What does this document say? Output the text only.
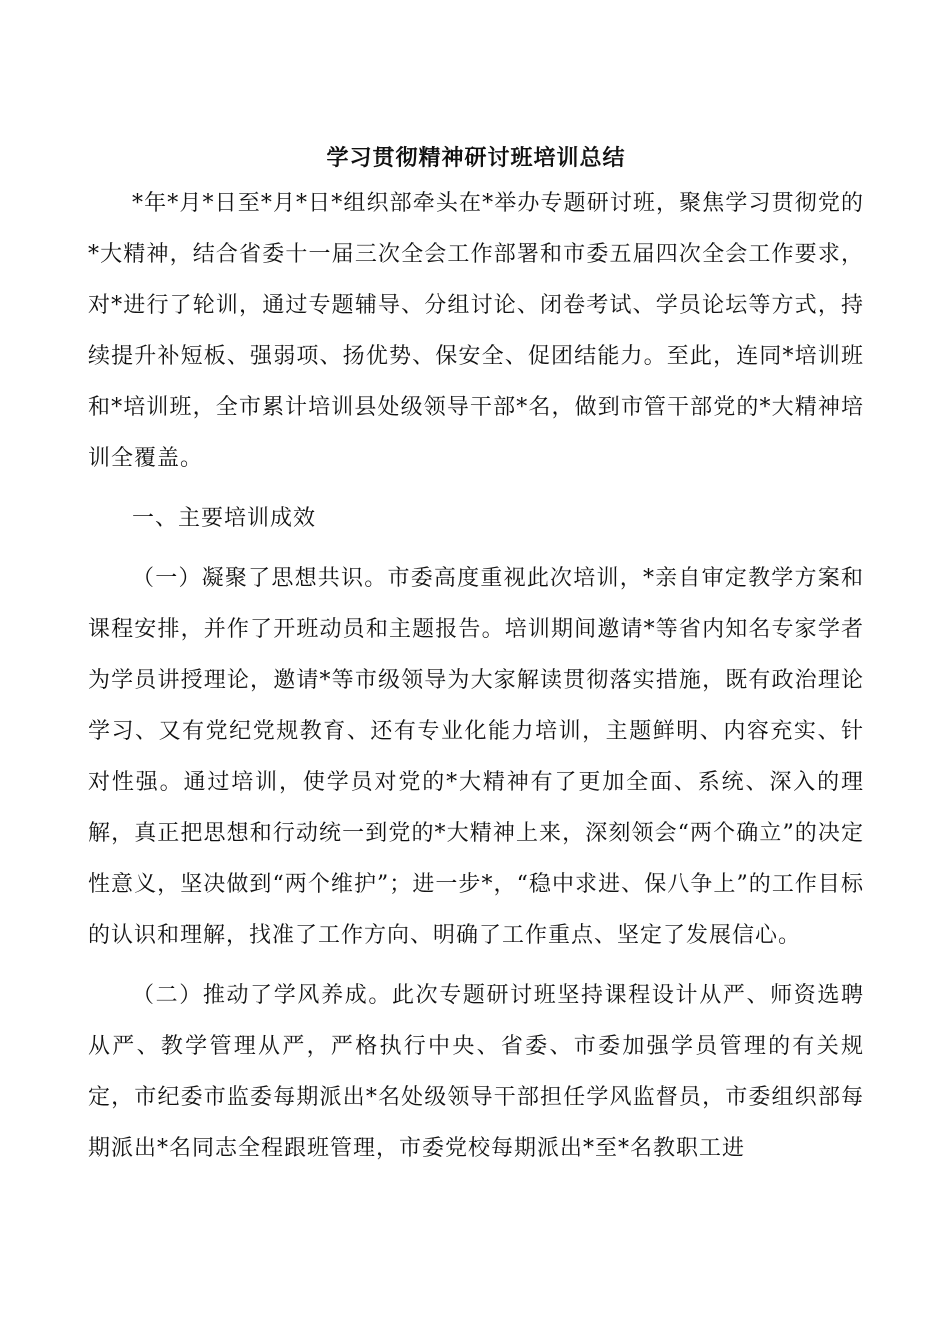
学习贯彻精神研讨班培训总结

*年*月*日至*月*日*组织部牵头在*举办专题研讨班，聚焦学习贯彻党的*大精神，结合省委十一届三次全会工作部署和市委五届四次全会工作要求，对*进行了轮训，通过专题辅导、分组讨论、闭卷考试、学员论坛等方式，持续提升补短板、强弱项、扬优势、保安全、促团结能力。至此，连同*培训班和*培训班，全市累计培训县处级领导干部*名，做到市管干部党的*大精神培训全覆盖。

一、主要培训成效

（一）凝聚了思想共识。市委高度重视此次培训，*亲自审定教学方案和课程安排，并作了开班动员和主题报告。培训期间邀请*等省内知名专家学者为学员讲授理论，邀请*等市级领导为大家解读贯彻落实措施，既有政治理论学习、又有党纪党规教育、还有专业化能力培训，主题鲜明、内容充实、针对性强。通过培训，使学员对党的*大精神有了更加全面、系统、深入的理解，真正把思想和行动统一到党的*大精神上来，深刻领会“两个确立”的决定性意义，坚决做到“两个维护”；进一步*，“稳中求进、保八争上”的工作目标的认识和理解，找准了工作方向、明确了工作重点、坚定了发展信心。

（二）推动了学风养成。此次专题研讨班坚持课程设计从严、师资选聘从严、教学管理从严，严格执行中央、省委、市委加强学员管理的有关规定，市纪委市监委每期派出*名处级领导干部担任学风监督员，市委组织部每期派出*名同志全程跟班管理，市委党校每期派出*至*名教职工进
